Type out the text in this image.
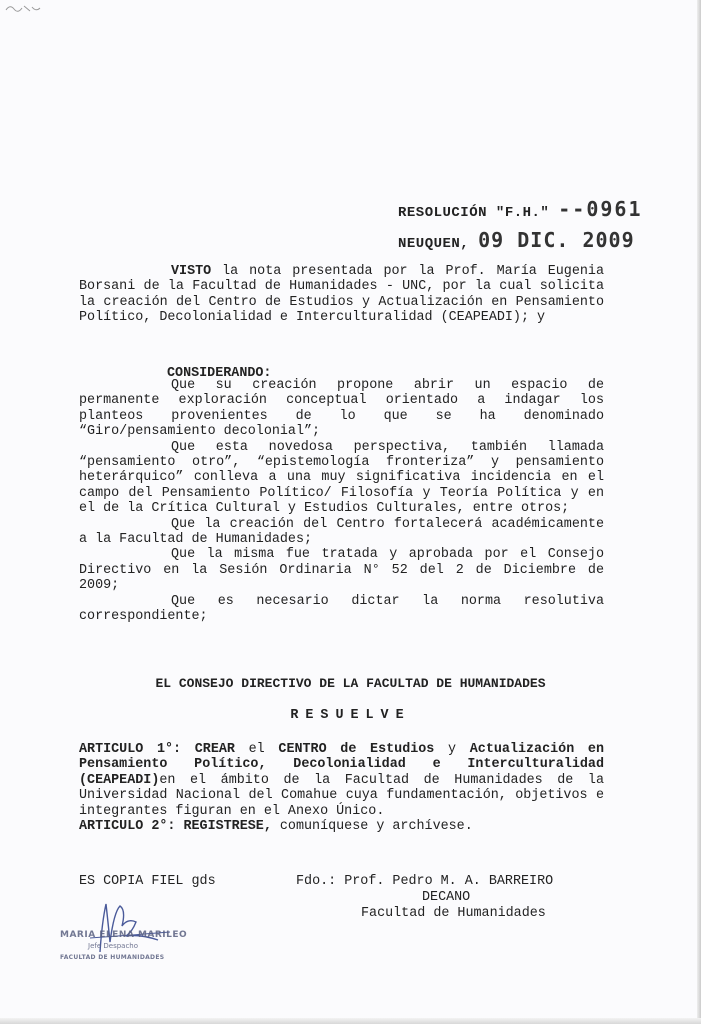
RESOLUCIÓN "F.H." -‑0961
NEUQUEN, 09 DIC. 2009
VISTO la nota presentada por la Prof. María Eugenia Borsani de la Facultad de Humanidades - UNC, por la cual solicita la creación del Centro de Estudios y Actualización en Pensamiento Político, Decolonialidad e Interculturalidad (CEAPEADI); y
CONSIDERANDO:
Que su creación propone abrir un espacio de permanente exploración conceptual orientado a indagar los planteos provenientes de lo que se ha denominado “Giro/pensamiento decolonial”;
Que esta novedosa perspectiva, también llamada “pensamiento otro”, “epistemología fronteriza” y pensamiento heterárquico” conlleva a una muy significativa incidencia en el campo del Pensamiento Político/ Filosofía y Teoría Política y en el de la Crítica Cultural y Estudios Culturales, entre otros;
Que la creación del Centro fortalecerá académicamente a la Facultad de Humanidades;
Que la misma fue tratada y aprobada por el Consejo Directivo en la Sesión Ordinaria N° 52 del 2 de Diciembre de 2009;
Que es necesario dictar la norma resolutiva correspondiente;
EL CONSEJO DIRECTIVO DE LA FACULTAD DE HUMANIDADES
RESUELVE
ARTICULO 1°: CREAR el CENTRO de Estudios y Actualización en Pensamiento Político, Decolonialidad e Interculturalidad (CEAPEADI)en el ámbito de la Facultad de Humanidades de la Universidad Nacional del Comahue cuya fundamentación, objetivos e integrantes figuran en el Anexo Único.
ARTICULO 2°: REGISTRESE, comuníquese y archívese.
ES COPIA FIEL gds	Fdo.: Prof. Pedro M. A. BARREIRO
DECANO
Facultad de Humanidades
MARIA ELENA MARILEO
Jefe Despacho
FACULTAD DE HUMANIDADES
